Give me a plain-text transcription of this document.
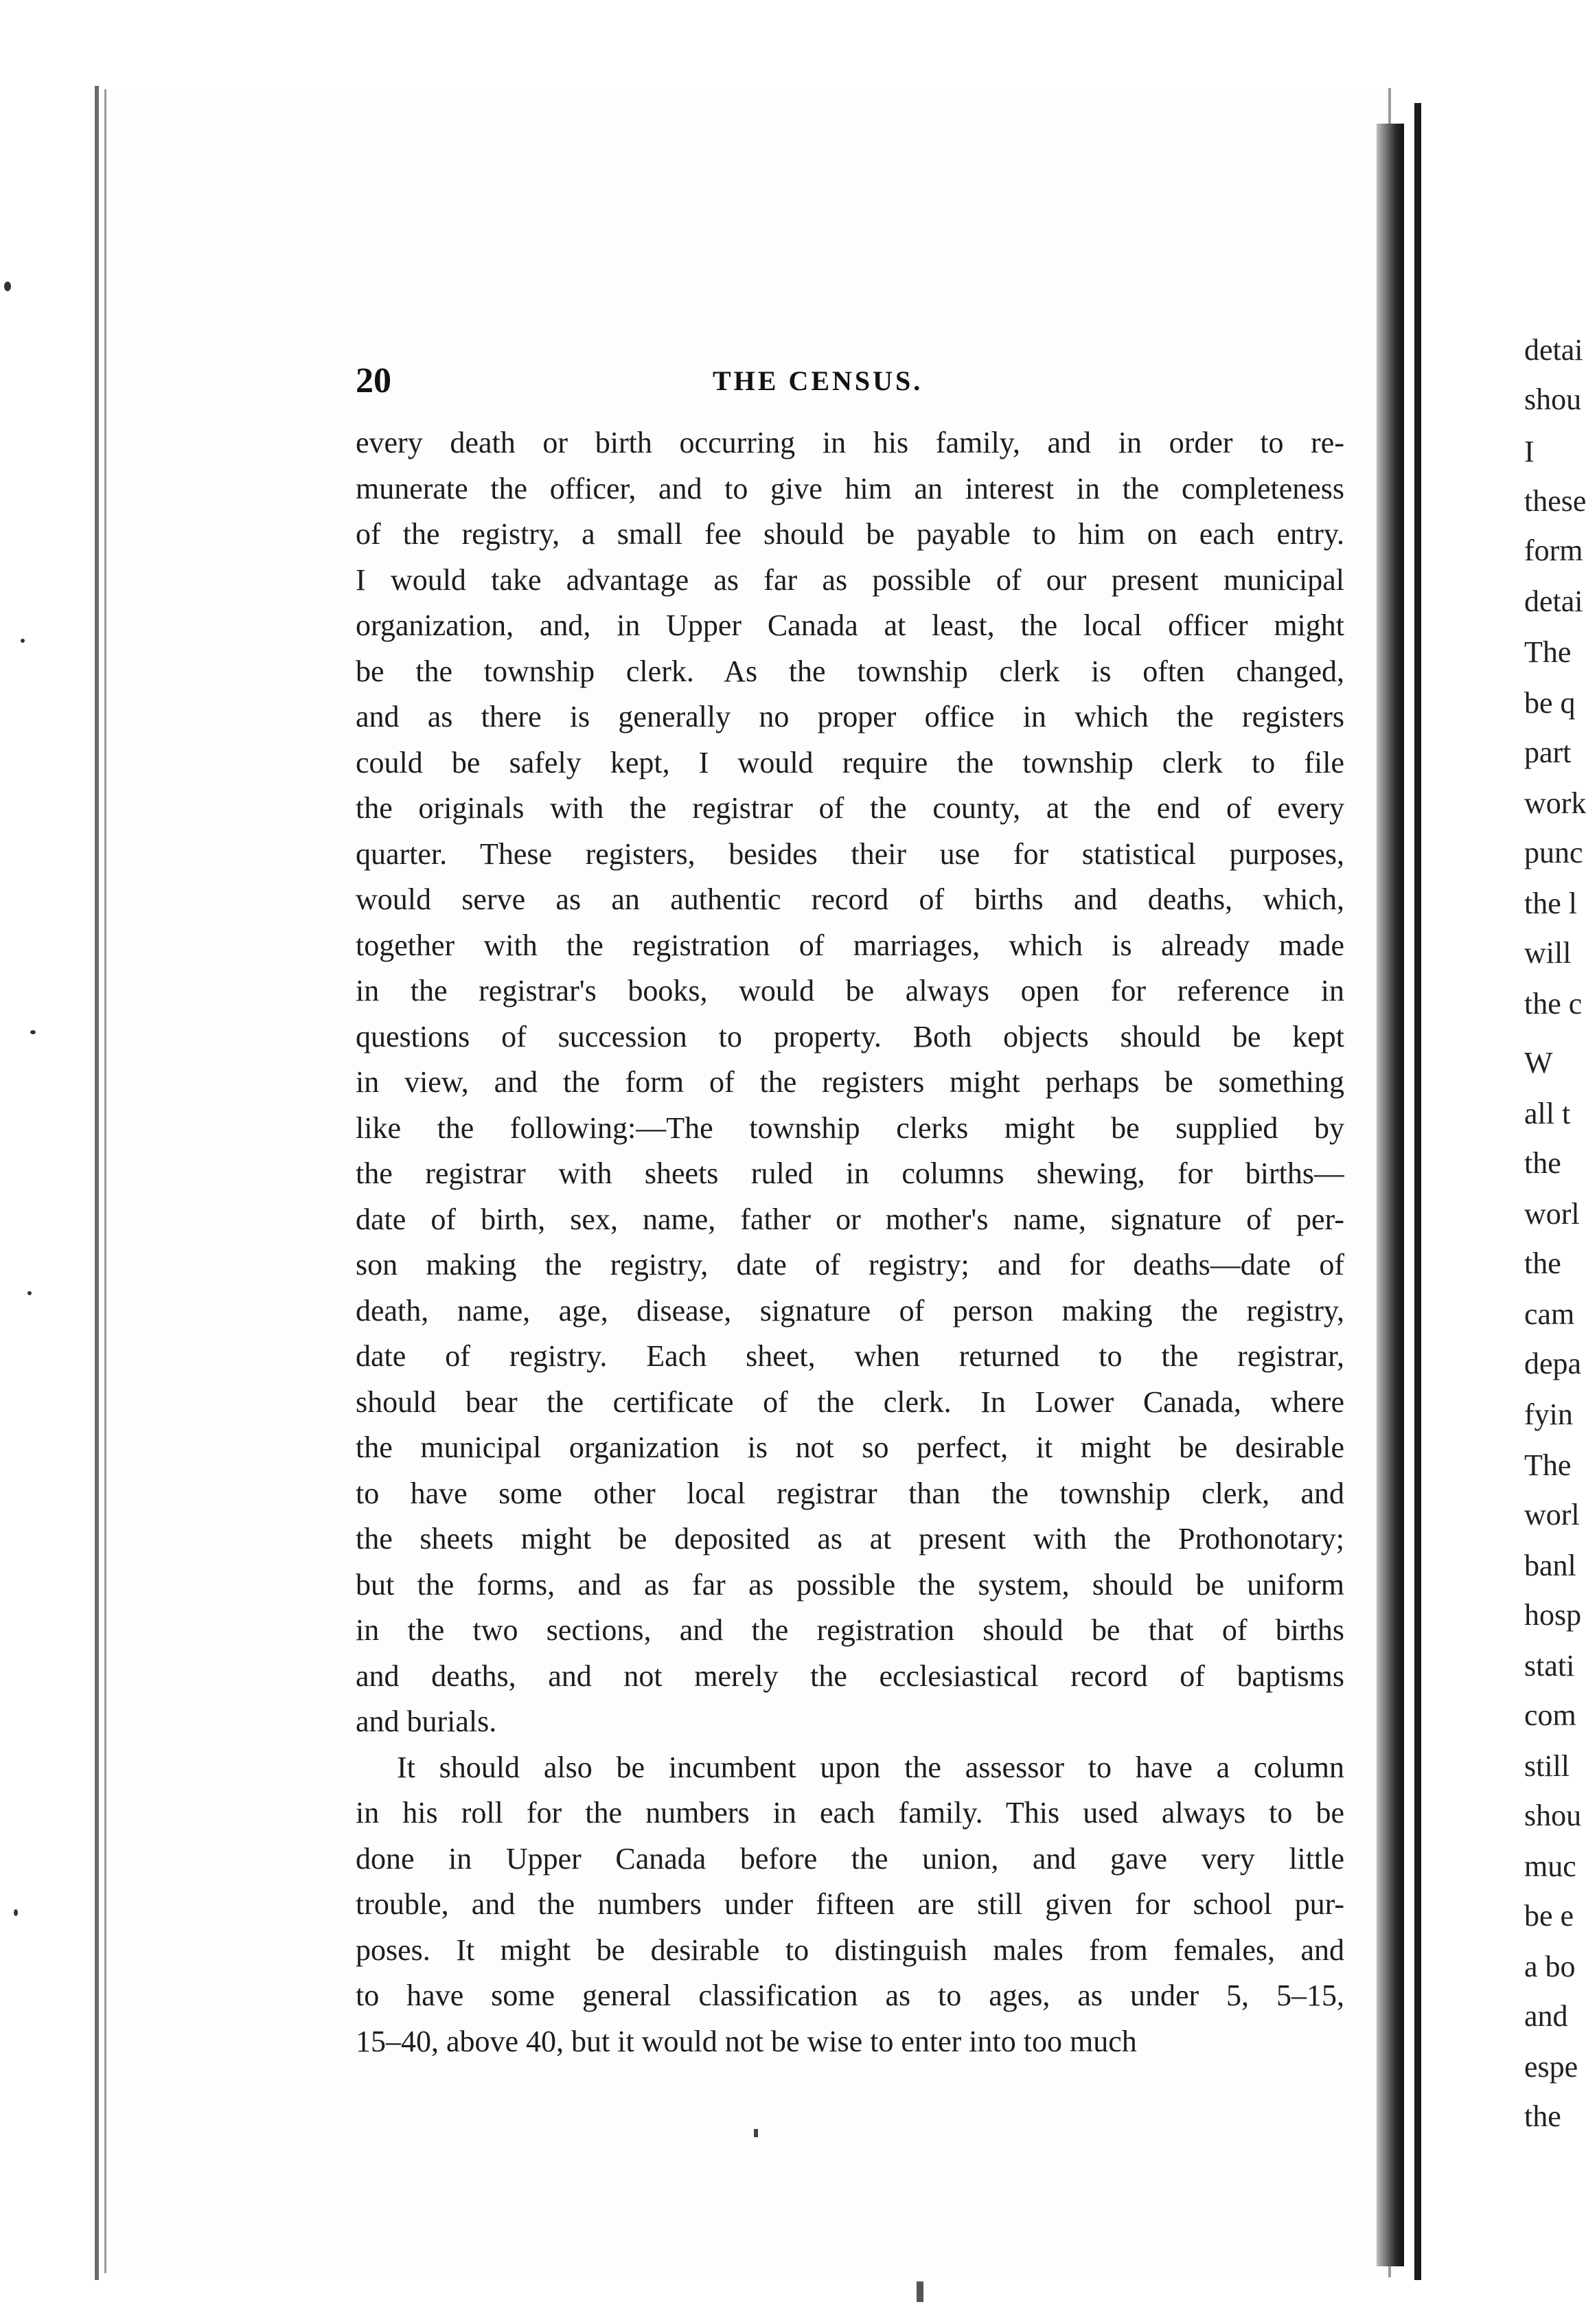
20	THE CENSUS.
every death or birth occurring in his family, and in order to re-
munerate the officer, and to give him an interest in the completeness
of the registry, a small fee should be payable to him on each entry.
I would take advantage as far as possible of our present municipal
organization, and, in Upper Canada at least, the local officer might
be the township clerk. As the township clerk is often changed,
and as there is generally no proper office in which the registers
could be safely kept, I would require the township clerk to file
the originals with the registrar of the county, at the end of every
quarter. These registers, besides their use for statistical purposes,
would serve as an authentic record of births and deaths, which,
together with the registration of marriages, which is already made
in the registrar's books, would be always open for reference in
questions of succession to property. Both objects should be kept
in view, and the form of the registers might perhaps be something
like the following:—The township clerks might be supplied by
the registrar with sheets ruled in columns shewing, for births—
date of birth, sex, name, father or mother's name, signature of per-
son making the registry, date of registry; and for deaths—date of
death, name, age, disease, signature of person making the registry,
date of registry. Each sheet, when returned to the registrar,
should bear the certificate of the clerk. In Lower Canada, where
the municipal organization is not so perfect, it might be desirable
to have some other local registrar than the township clerk, and
the sheets might be deposited as at present with the Prothonotary;
but the forms, and as far as possible the system, should be uniform
in the two sections, and the registration should be that of births
and deaths, and not merely the ecclesiastical record of baptisms
and burials.
It should also be incumbent upon the assessor to have a column
in his roll for the numbers in each family. This used always to be
done in Upper Canada before the union, and gave very little
trouble, and the numbers under fifteen are still given for school pur-
poses. It might be desirable to distinguish males from females, and
to have some general classification as to ages, as under 5, 5–15,
15–40, above 40, but it would not be wise to enter into too much
detai
shou
I
these
form
detai
The
be q
part
work
punc
the l
will
the c
W
all t
the
worl
the
cam
depa
fyin
The
worl
banl
hosp
stati
com
still
shou
muc
be e
a bo
and
espe
the
